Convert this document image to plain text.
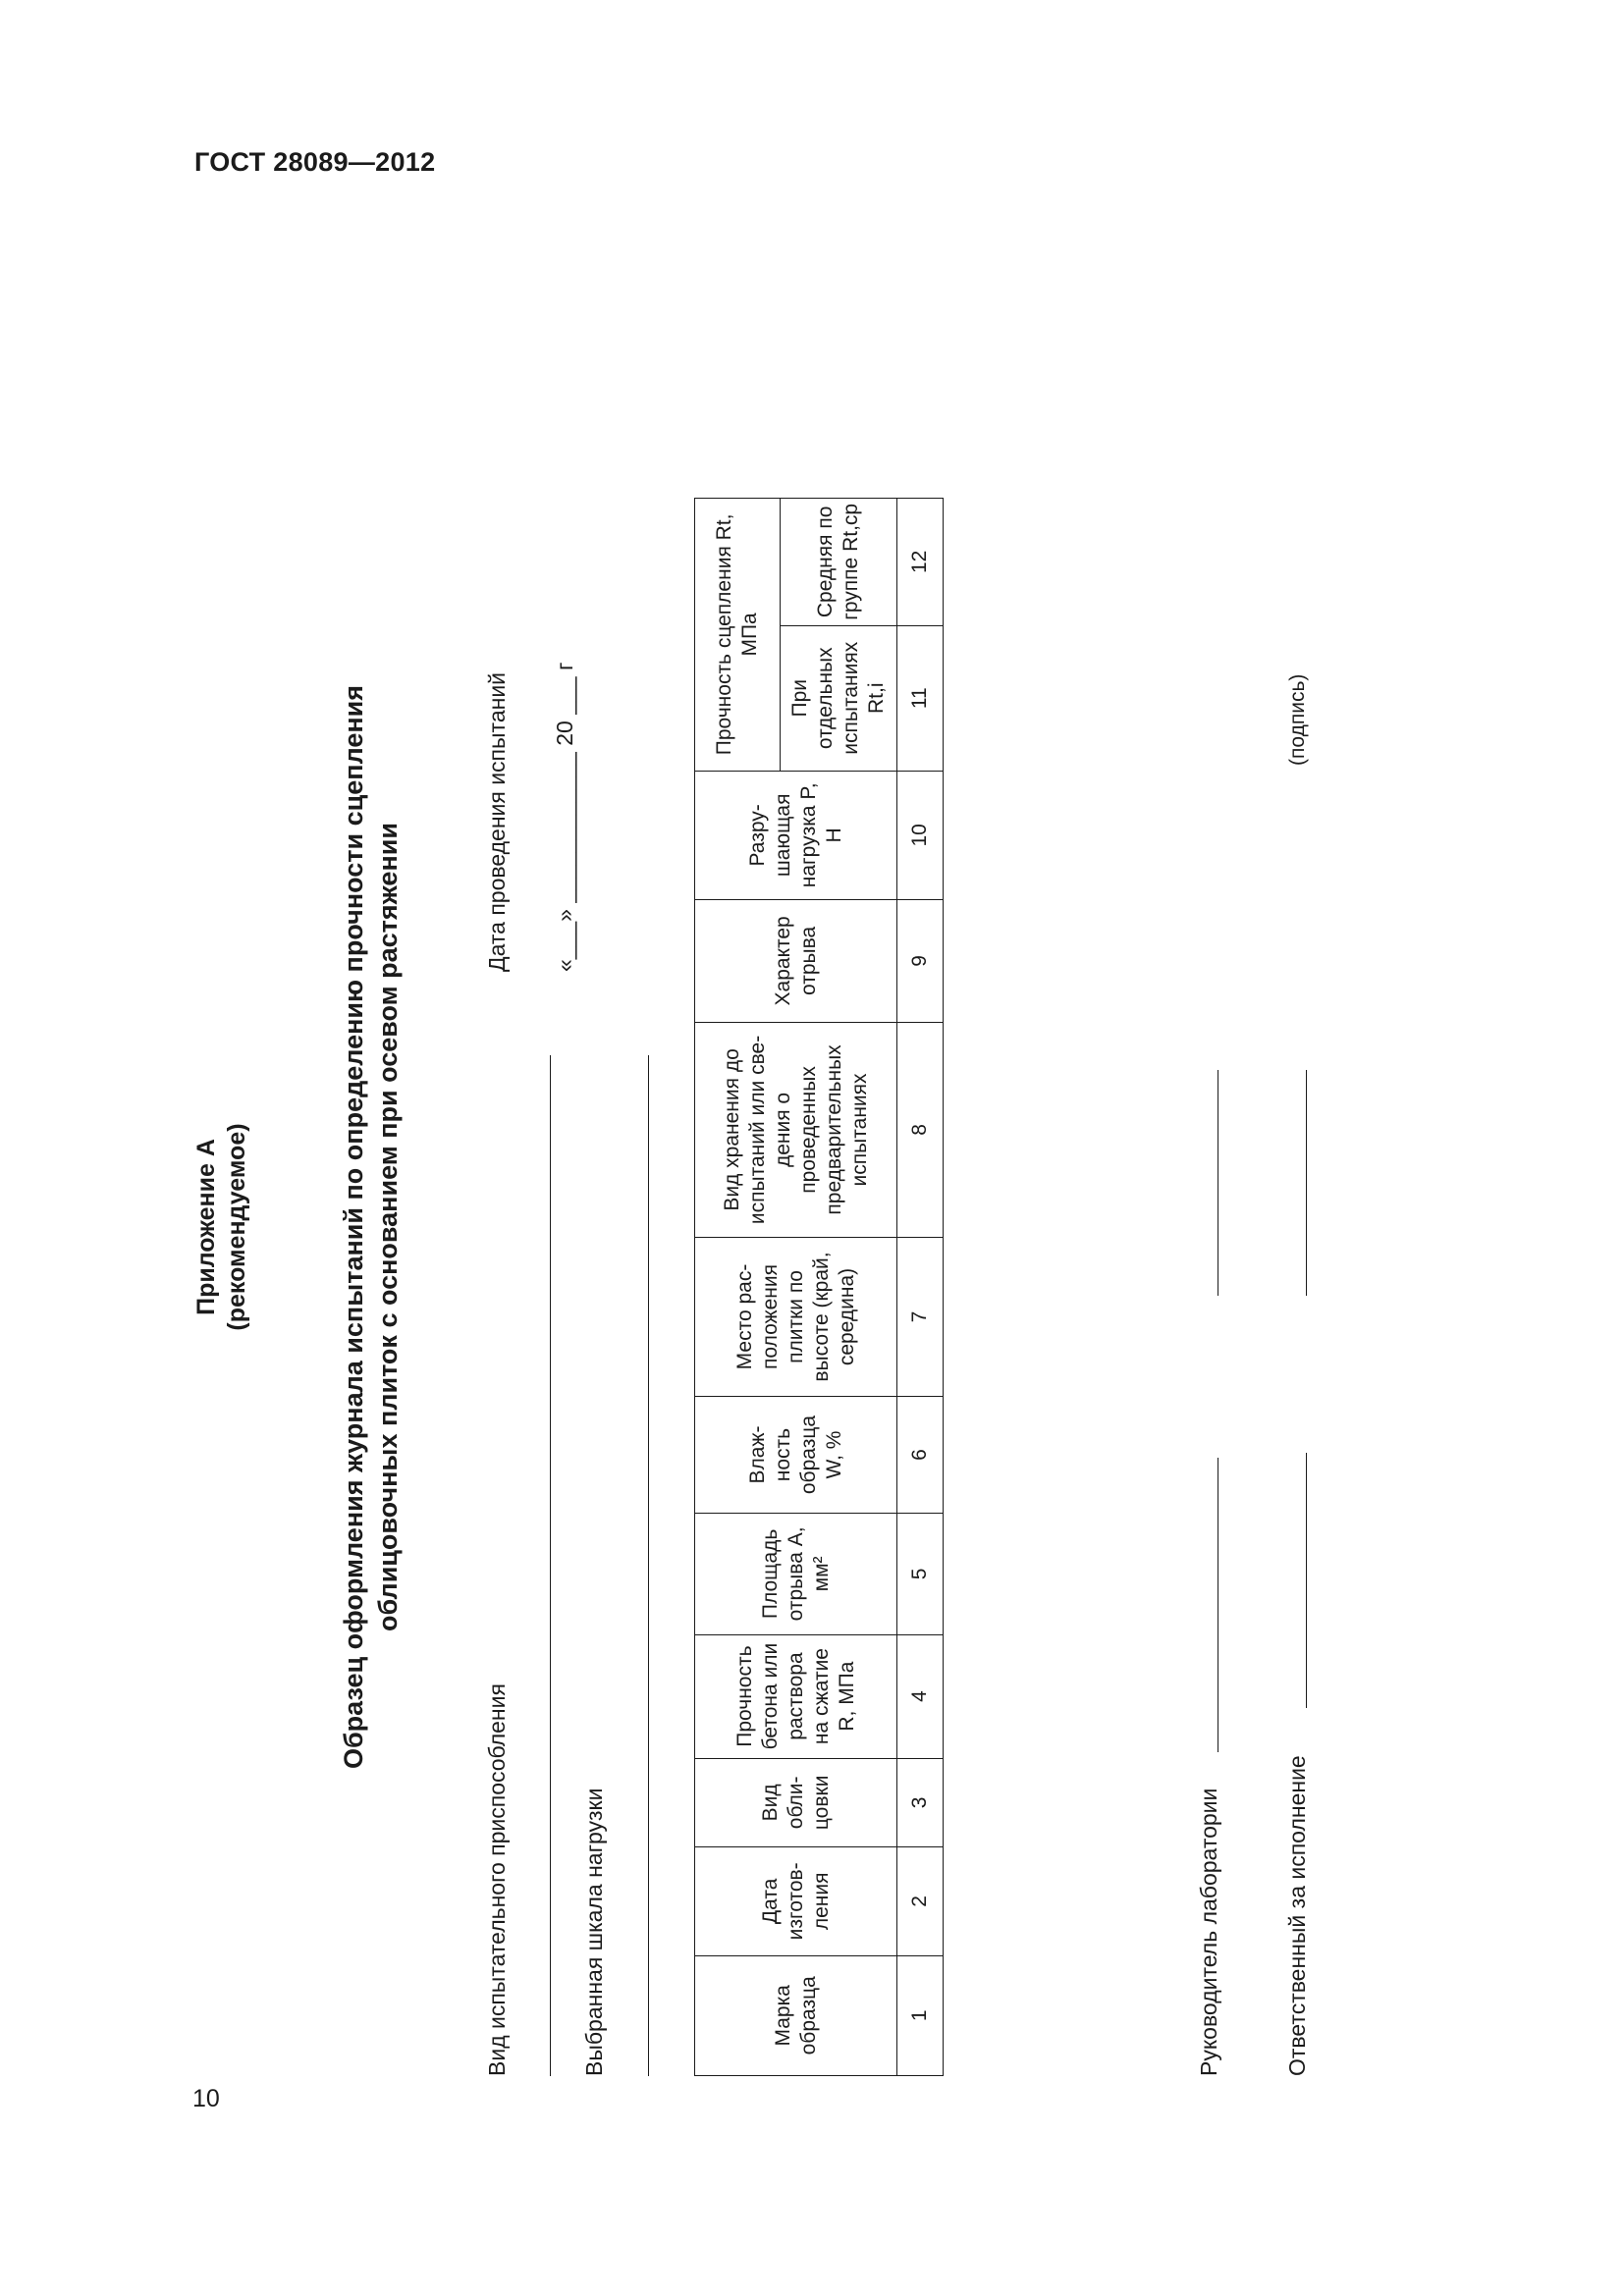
ГОСТ 28089—2012
10
Приложение А (рекомендуемое)	Образец оформления журнала испытаний по определению прочности сцепления облицовочных плиток с основанием при осевом растяжении
Вид испытательного приспособления
Дата проведения испытаний «___» ____________ 20 ___ г
Выбранная шкала нагрузки	Марка образца	Дата изготов-ления	Вид обли-цовки	Прочность бетона или раствора на сжатие R, МПа	Площадь отрыва А, мм²	Влаж-ность образца W, %	Место рас-положения плитки по высоте (край, середина)	Вид хранения до испытаний или све-дения о проведенных предварительных испытаниях	Характер отрыва	Разру-шающая нагрузка P, Н	Прочность сцепления Rt, МПа	
										При отдельных испытаниях Rt,i	Средняя по группе Rt,ср
1	2	3	4	5	6	7	8	9	10	11	12
Руководитель лаборатории	Ответственный за исполнение
(подпись)
